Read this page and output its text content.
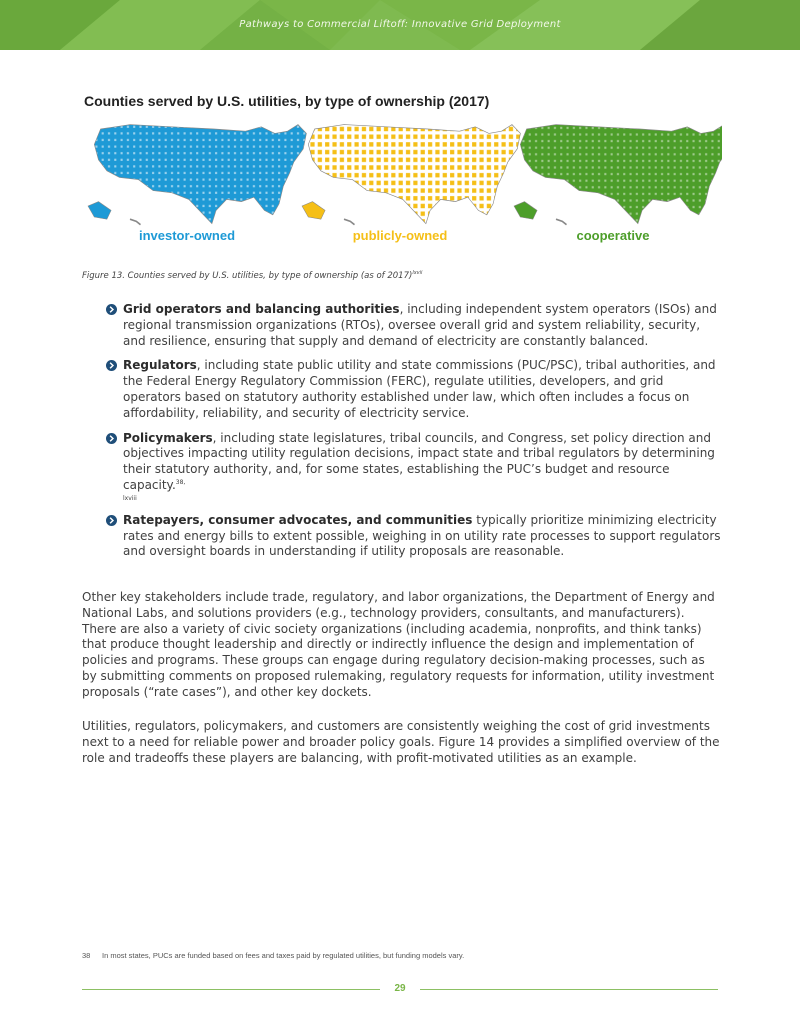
Pathways to Commercial Liftoff: Innovative Grid Deployment
Counties served by U.S. utilities, by type of ownership (2017)
investor-owned	publicly-owned	cooperative
Figure 13. Counties served by U.S. utilities, by type of ownership (as of 2017)$^{lxvii}$
Grid operators and balancing authorities, including independent system operators (ISOs) and regional transmission organizations (RTOs), oversee overall grid and system reliability, security, and resilience, ensuring that supply and demand of electricity are constantly balanced.
Regulators, including state public utility and state commissions (PUC/PSC), tribal authorities, and the Federal Energy Regulatory Commission (FERC), regulate utilities, developers, and grid operators based on statutory authority established under law, which often includes a focus on affordability, reliability, and security of electricity service.
Policymakers, including state legislatures, tribal councils, and Congress, set policy direction and objectives impacting utility regulation decisions, impact state and tribal regulators by determining their statutory authority, and, for some states, establishing the PUC’s budget and resource capacity.$^{38,}$
lxviii
Ratepayers, consumer advocates, and communities typically prioritize minimizing electricity rates and energy bills to extent possible, weighing in on utility rate processes to support regulators and oversight boards in understanding if utility proposals are reasonable.
Other key stakeholders include trade, regulatory, and labor organizations, the Department of Energy and National Labs, and solutions providers (e.g., technology providers, consultants, and manufacturers). There are also a variety of civic society organizations (including academia, nonprofits, and think tanks) that produce thought leadership and directly or indirectly influence the design and implementation of policies and programs. These groups can engage during regulatory decision-making processes, such as by submitting comments on proposed rulemaking, regulatory requests for information, utility investment proposals (“rate cases”), and other key dockets.
Utilities, regulators, policymakers, and customers are consistently weighing the cost of grid investments next to a need for reliable power and broader policy goals. Figure 14 provides a simplified overview of the role and tradeoffs these players are balancing, with profit-motivated utilities as an example.
38 In most states, PUCs are funded based on fees and taxes paid by regulated utilities, but funding models vary.
29
